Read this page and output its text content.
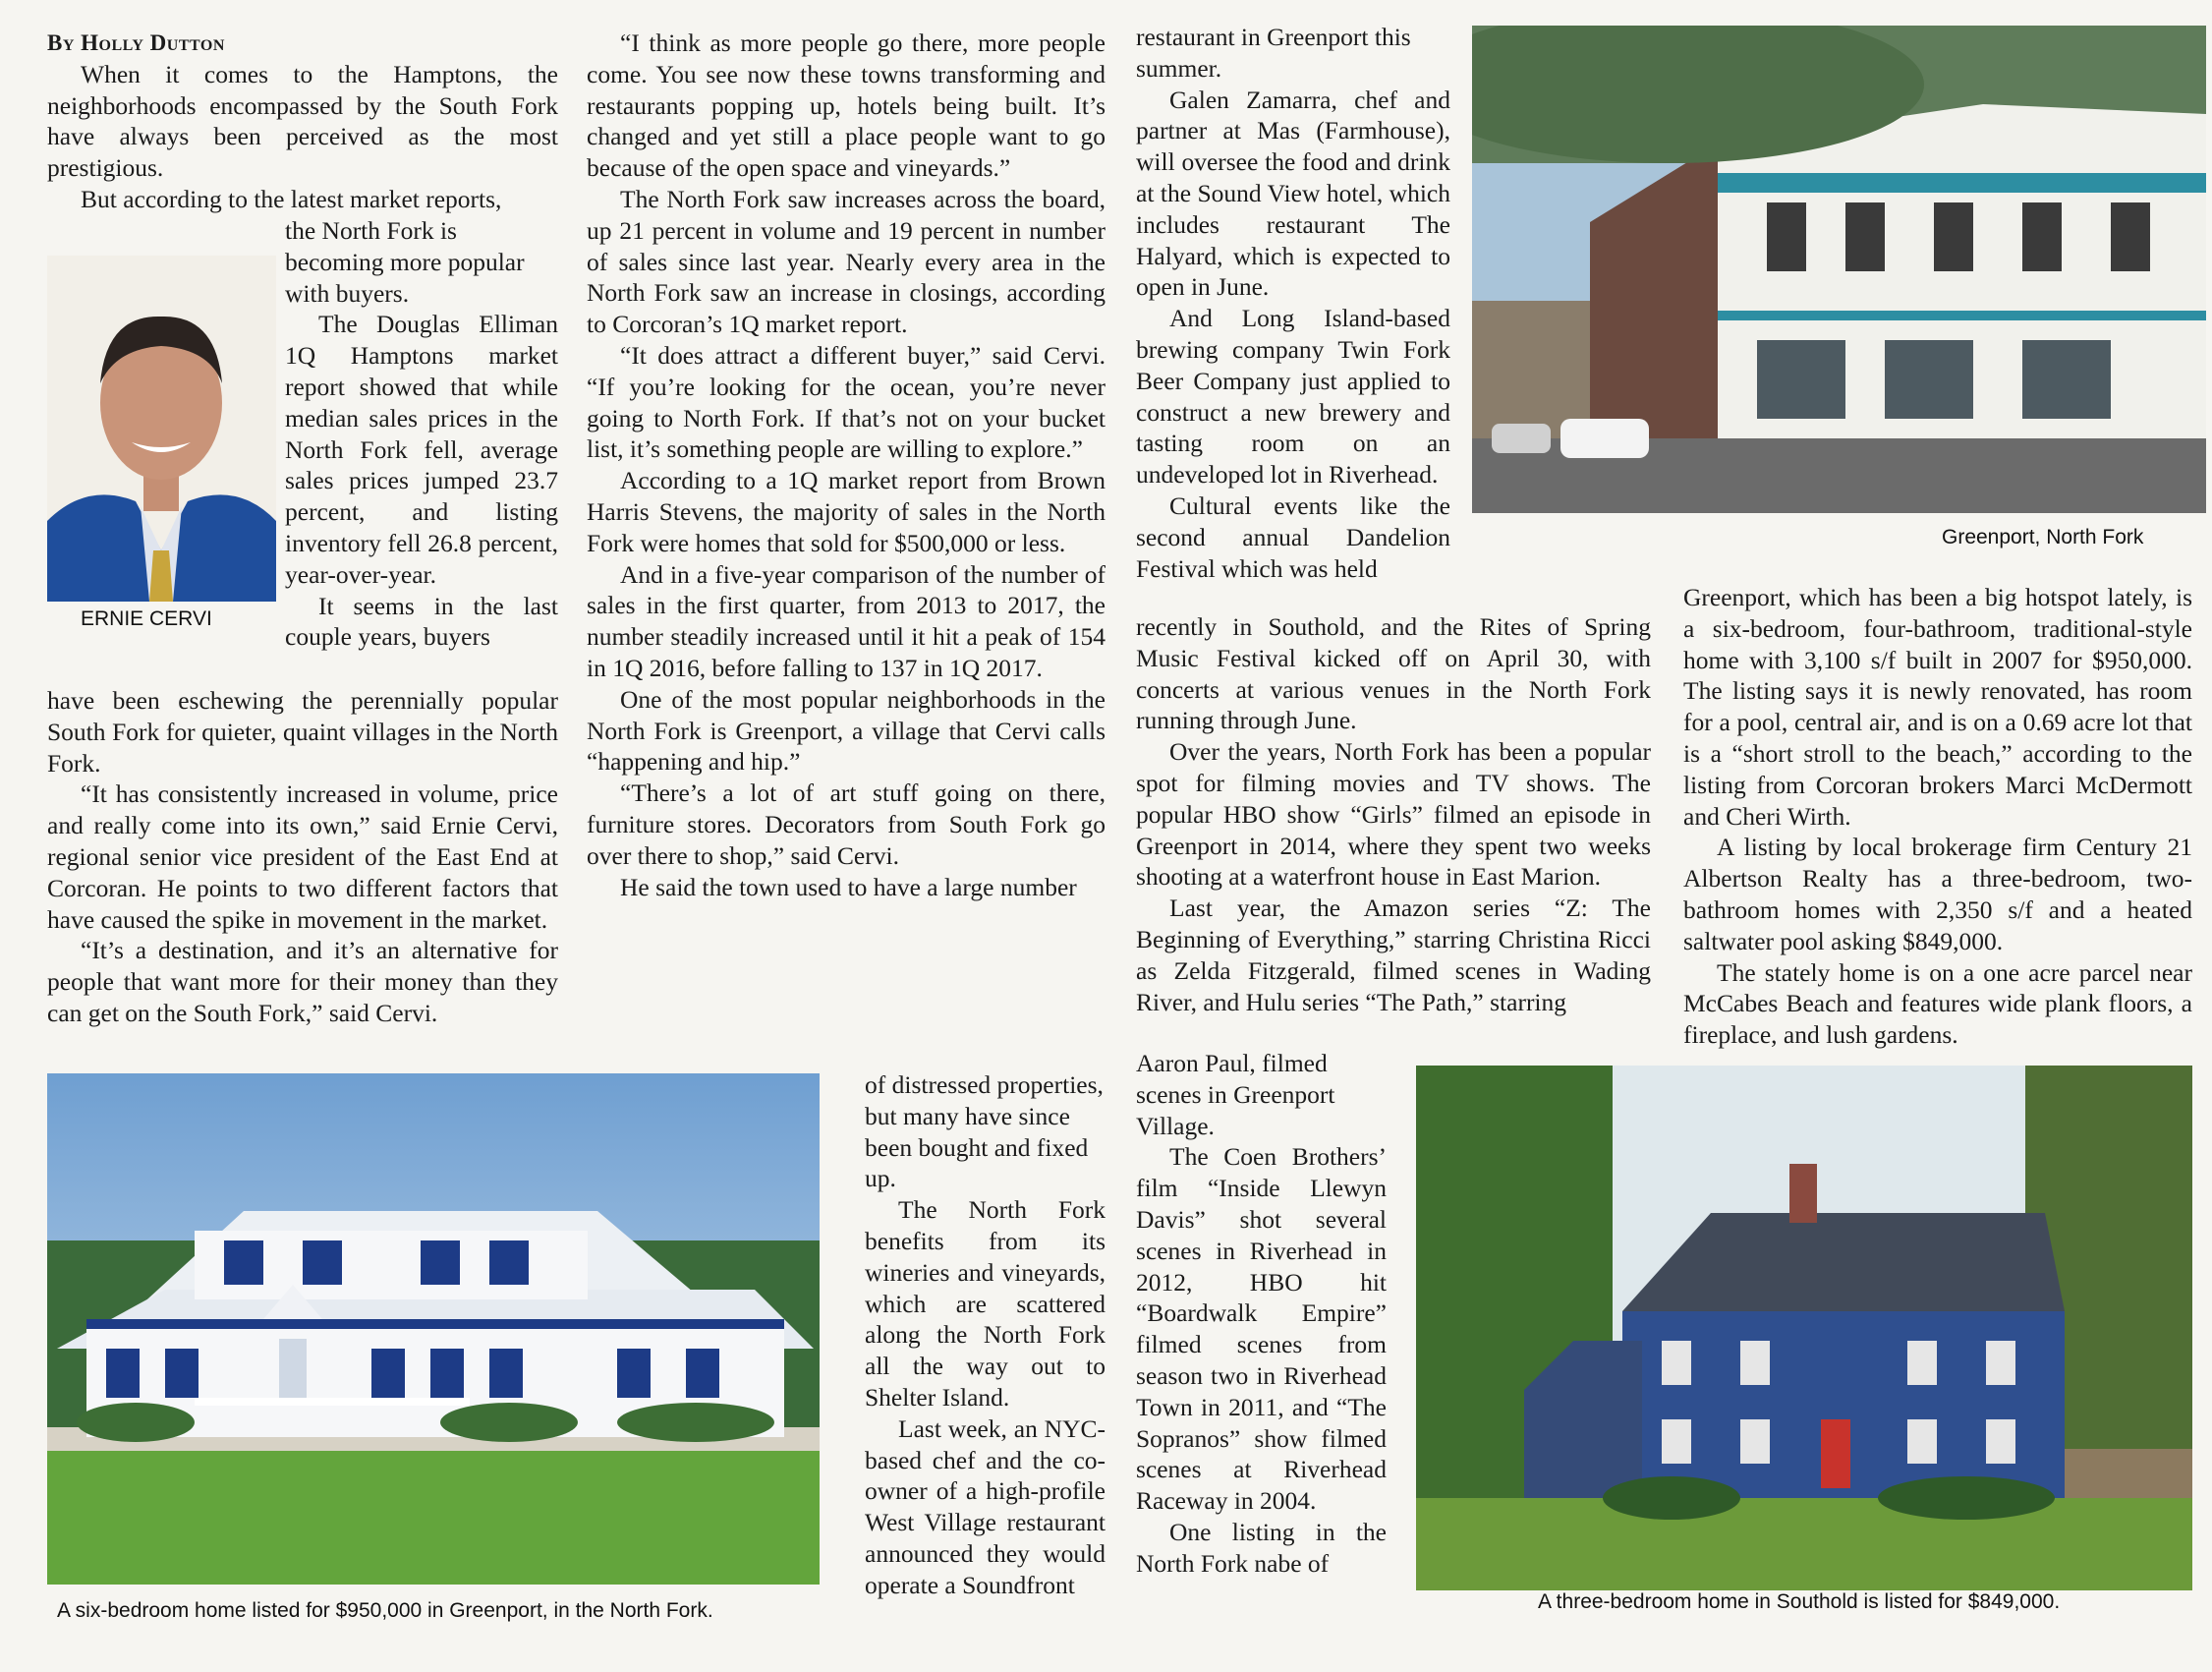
By Holly Dutton

When it comes to the Hamptons, the neighborhoods encompassed by the South Fork have always been perceived as the most prestigious.

But according to the latest market reports,

the North Fork is becoming more popular with buyers.

The Douglas Elliman 1Q Hamptons market report showed that while median sales prices in the North Fork fell, average sales prices jumped 23.7 percent, and listing inventory fell 26.8 percent, year-over-year.

It seems in the last couple years, buyers

ERNIE CERVI

have been eschewing the perennially popular South Fork for quieter, quaint villages in the North Fork.

“It has consistently increased in volume, price and really come into its own,” said Ernie Cervi, regional senior vice president of the East End at Corcoran. He points to two different factors that have caused the spike in movement in the market.

“It’s a destination, and it’s an alternative for people that want more for their money than they can get on the South Fork,” said Cervi.

“I think as more people go there, more people come. You see now these towns transforming and restaurants popping up, hotels being built. It’s changed and yet still a place people want to go because of the open space and vineyards.”

The North Fork saw increases across the board, up 21 percent in volume and 19 percent in number of sales since last year. Nearly every area in the North Fork saw an increase in closings, according to Corcoran’s 1Q market report.

“It does attract a different buyer,” said Cervi. “If you’re looking for the ocean, you’re never going to North Fork. If that’s not on your bucket list, it’s something people are willing to explore.”

According to a 1Q market report from Brown Harris Stevens, the majority of sales in the North Fork were homes that sold for $500,000 or less.

And in a five-year comparison of the number of sales in the first quarter, from 2013 to 2017, the number steadily increased until it hit a peak of 154 in 1Q 2016, before falling to 137 in 1Q 2017.

One of the most popular neighborhoods in the North Fork is Greenport, a village that Cervi calls “happening and hip.”

“There’s a lot of art stuff going on there, furniture stores. Decorators from South Fork go over there to shop,” said Cervi.

He said the town used to have a large number

of distressed properties, but many have since been bought and fixed up.

The North Fork benefits from its wineries and vineyards, which are scattered along the North Fork all the way out to Shelter Island.

Last week, an NYC-based chef and the co-owner of a high-profile West Village restaurant announced they would operate a Soundfront

A six-bedroom home listed for $950,000 in Greenport, in the North Fork.

restaurant in Greenport this summer.

Galen Zamarra, chef and partner at Mas (Farmhouse), will oversee the food and drink at the Sound View hotel, which includes restaurant The Halyard, which is expected to open in June.

And Long Island-based brewing company Twin Fork Beer Company just applied to construct a new brewery and tasting room on an undeveloped lot in Riverhead.

Cultural events like the second annual Dandelion Festival which was held

recently in Southold, and the Rites of Spring Music Festival kicked off on April 30, with concerts at various venues in the North Fork running through June.

Over the years, North Fork has been a popular spot for filming movies and TV shows. The popular HBO show “Girls” filmed an episode in Greenport in 2014, where they spent two weeks shooting at a waterfront house in East Marion.

Last year, the Amazon series “Z: The Beginning of Everything,” starring Christina Ricci as Zelda Fitzgerald, filmed scenes in Wading River, and Hulu series “The Path,” starring

Aaron Paul, filmed scenes in Greenport Village.

The Coen Brothers’ film “Inside Llewyn Davis” shot several scenes in Riverhead in 2012, HBO hit “Boardwalk Empire” filmed scenes from season two in Riverhead Town in 2011, and “The Sopranos” show filmed scenes at Riverhead Raceway in 2004.

One listing in the North Fork nabe of

Greenport, North Fork

Greenport, which has been a big hotspot lately, is a six-bedroom, four-bathroom, traditional-style home with 3,100 s/f built in 2007 for $950,000. The listing says it is newly renovated, has room for a pool, central air, and is on a 0.69 acre lot that is a “short stroll to the beach,” according to the listing from Corcoran brokers Marci McDermott and Cheri Wirth.

A listing by local brokerage firm Century 21 Albertson Realty has a three-bedroom, two-bathroom homes with 2,350 s/f and a heated saltwater pool asking $849,000.

The stately home is on a one acre parcel near McCabes Beach and features wide plank floors, a fireplace, and lush gardens.

A three-bedroom home in Southold is listed for $849,000.
